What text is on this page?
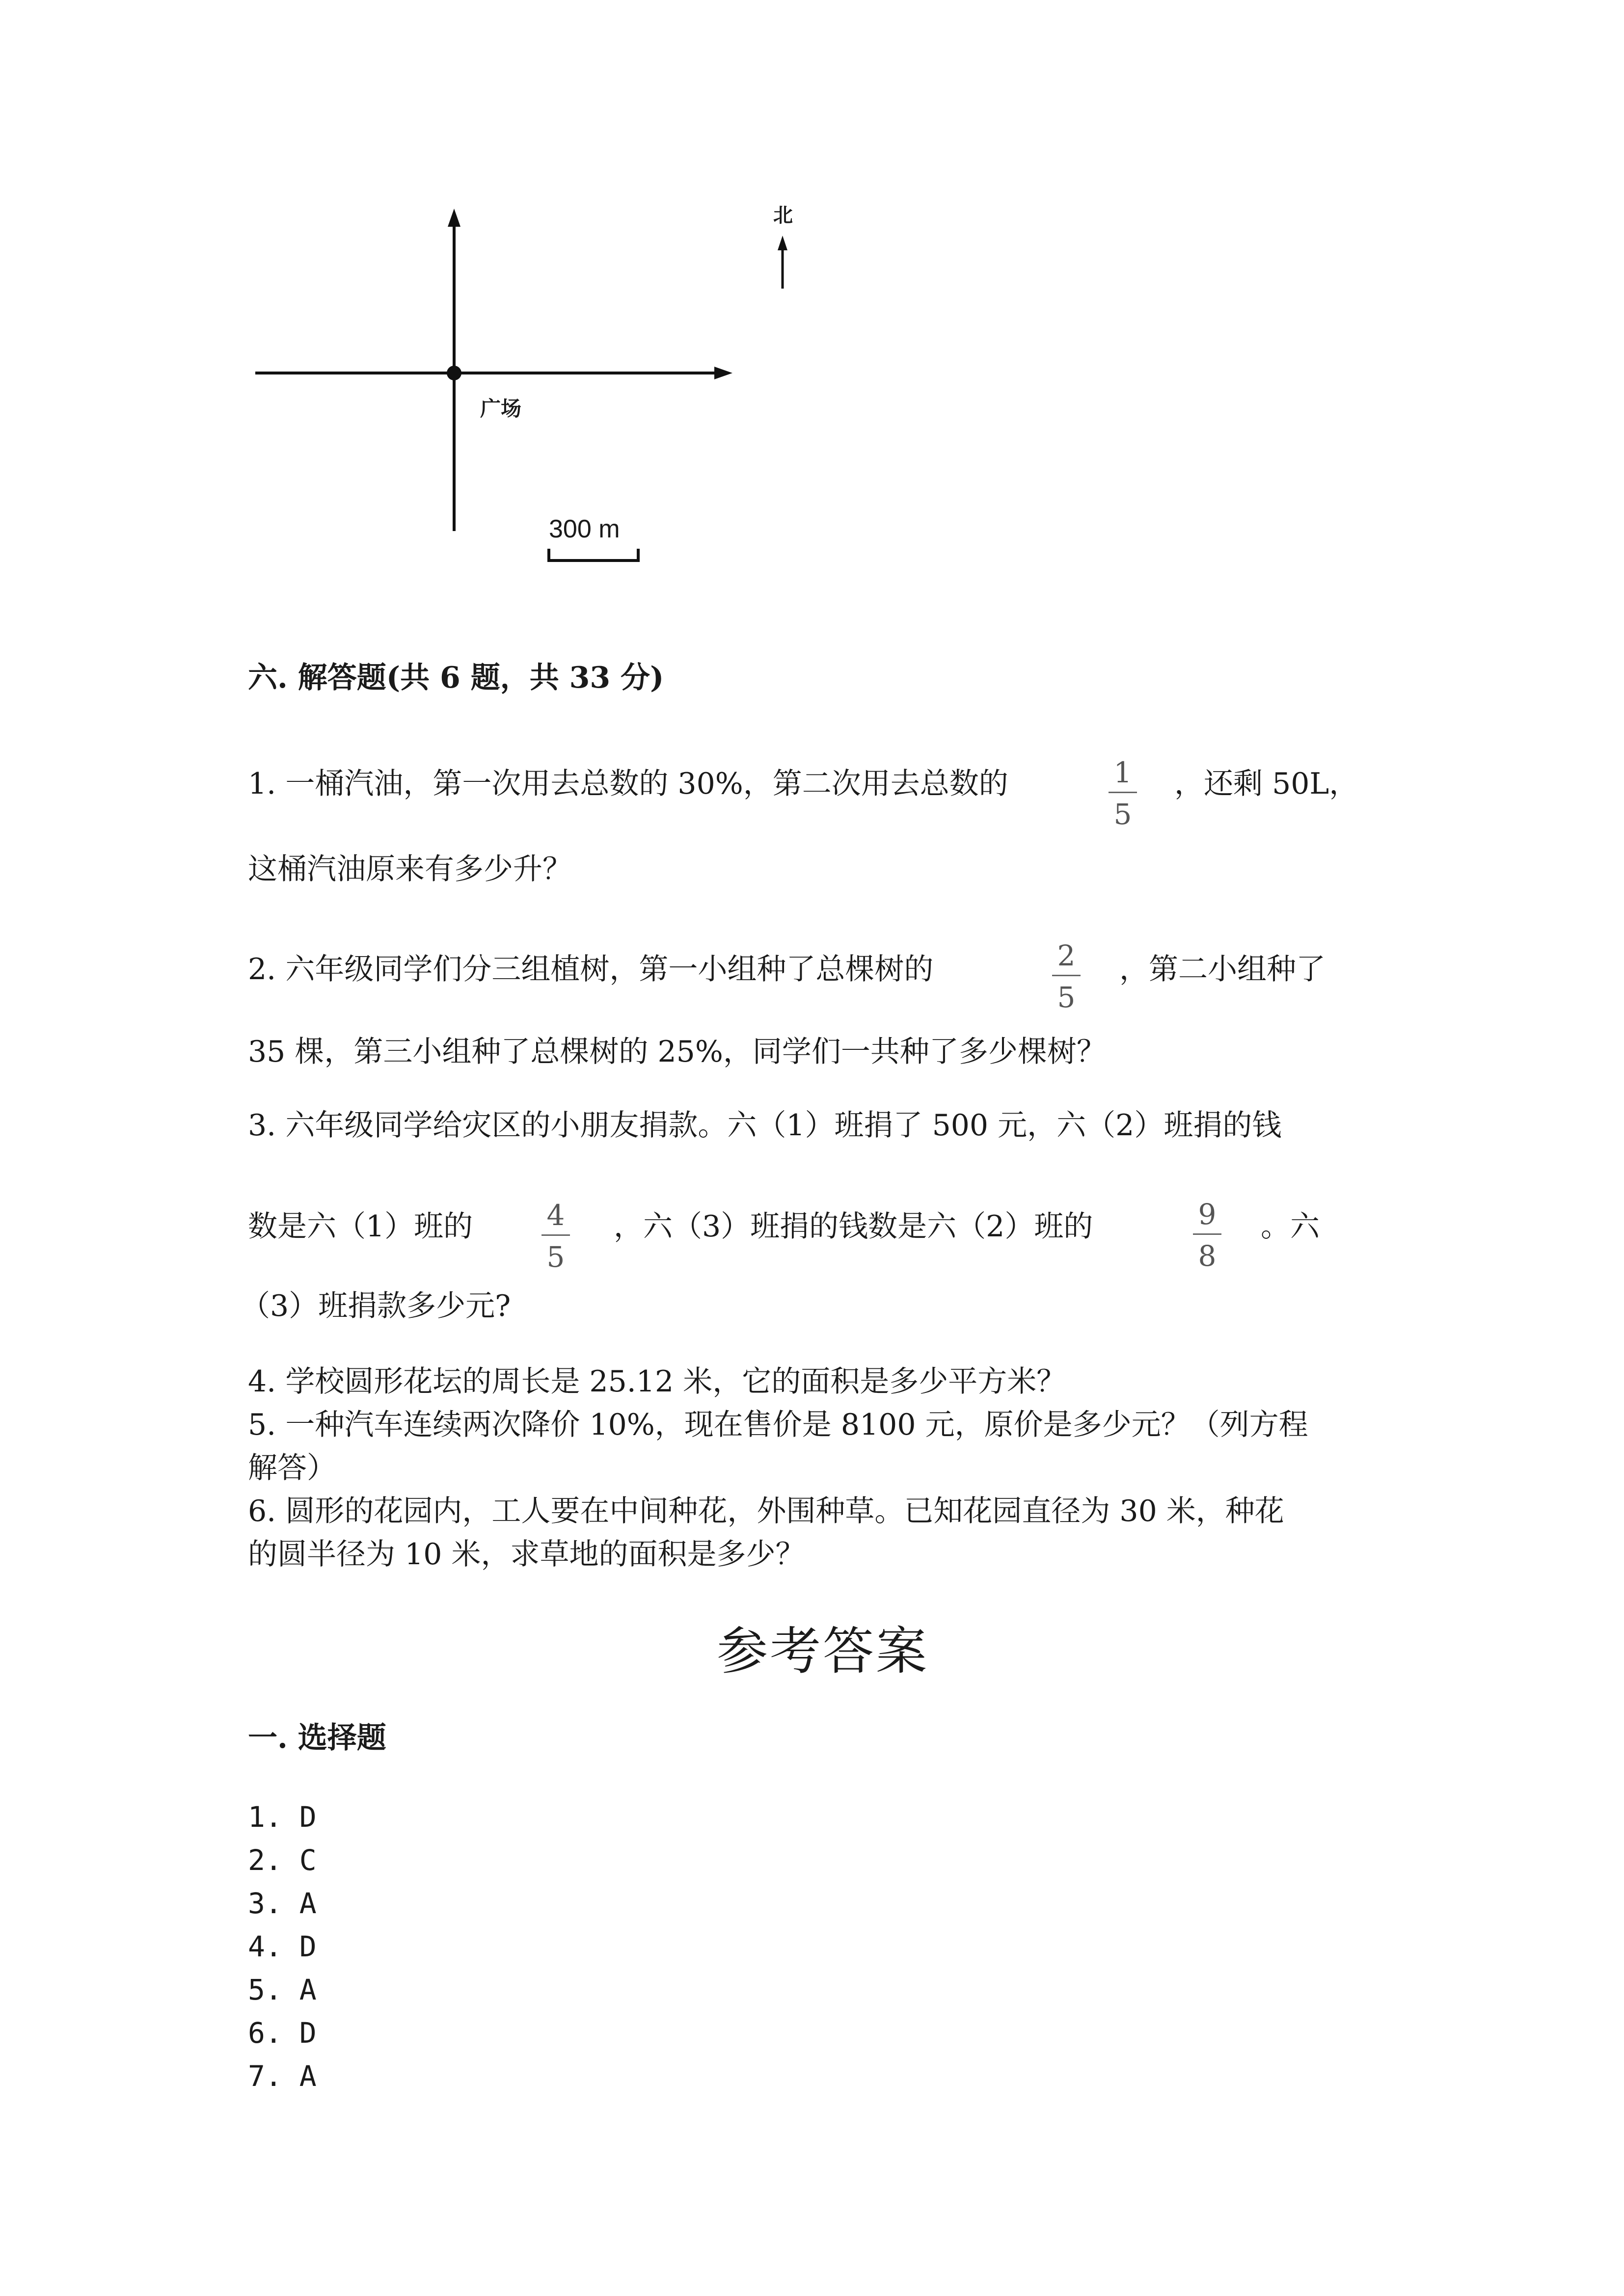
北
广场
300 m
六. 解答题(共 6 题，共 33 分)
1. 一桶汽油，第一次用去总数的 30%，第二次用去总数的	1
5
，还剩 50L，
这桶汽油原来有多少升？
2. 六年级同学们分三组植树，第一小组种了总棵树的	2
5
，第二小组种了
35 棵，第三小组种了总棵树的 25%，同学们一共种了多少棵树？
3. 六年级同学给灾区的小朋友捐款。六（1）班捐了 500 元，六（2）班捐的钱
数是六（1）班的	4
5
，六（3）班捐的钱数是六（2）班的	9
8
。六
（3）班捐款多少元?
4. 学校圆形花坛的周长是 25.12 米，它的面积是多少平方米？
5. 一种汽车连续两次降价 10%，现在售价是 8100 元，原价是多少元？（列方程
解答）
6. 圆形的花园内，工人要在中间种花，外围种草。已知花园直径为 30 米，种花
的圆半径为 10 米，求草地的面积是多少？
参考答案
一. 选择题
1. D
2. C
3. A
4. D
5. A
6. D
7. A
